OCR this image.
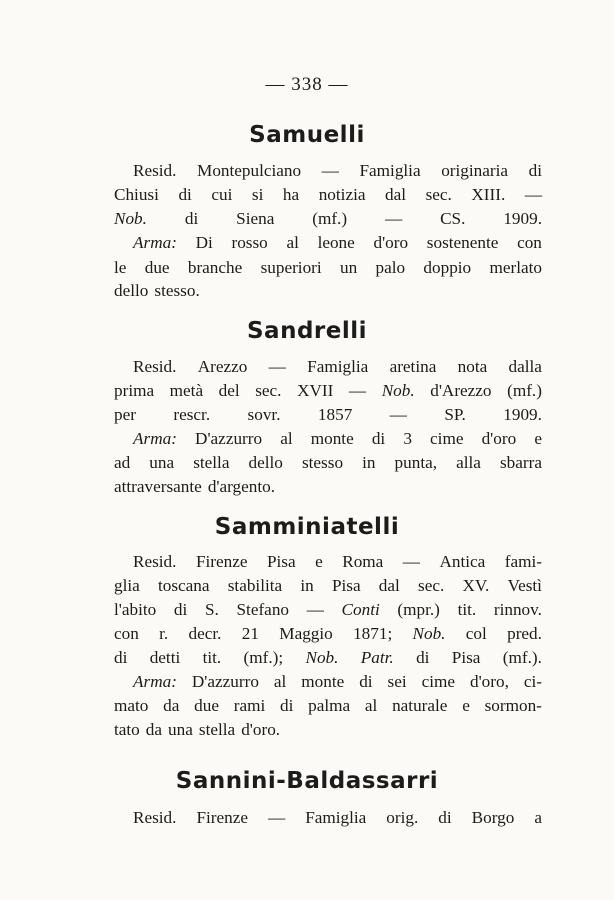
— 338 —
Samuelli
Resid. Montepulciano — Famiglia originaria di
Chiusi di cui si ha notizia dal sec. XIII. —
Nob. di Siena (mf.) — CS. 1909.
Arma: Di rosso al leone d'oro sostenente con
le due branche superiori un palo doppio merlato
dello stesso.
Sandrelli
Resid. Arezzo — Famiglia aretina nota dalla
prima metà del sec. XVII — Nob. d'Arezzo (mf.)
per rescr. sovr. 1857 — SP. 1909.
Arma: D'azzurro al monte di 3 cime d'oro e
ad una stella dello stesso in punta, alla sbarra
attraversante d'argento.
Samminiatelli
Resid. Firenze Pisa e Roma — Antica fami-
glia toscana stabilita in Pisa dal sec. XV. Vestì
l'abito di S. Stefano — Conti (mpr.) tit. rinnov.
con r. decr. 21 Maggio 1871; Nob. col pred.
di detti tit. (mf.); Nob. Patr. di Pisa (mf.).
Arma: D'azzurro al monte di sei cime d'oro, ci-
mato da due rami di palma al naturale e sormon-
tato da una stella d'oro.
Sannini-Baldassarri
Resid. Firenze — Famiglia orig. di Borgo a
